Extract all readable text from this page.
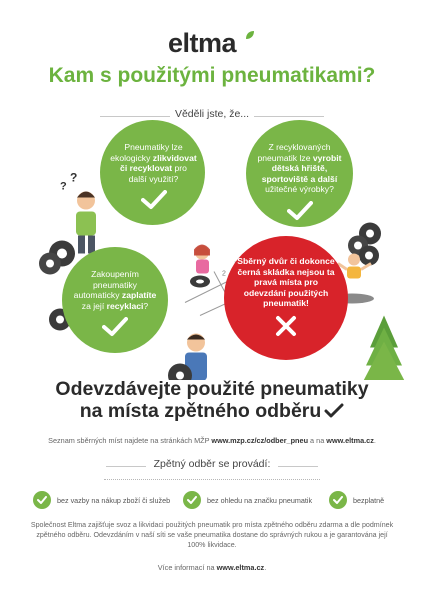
eltma
Kam s použitými pneumatikami?
Věděli jste, že...
2
?
?
Pneumatiky lze ekologicky zlikvidovat či recyklovat pro další využití?
Z recyklovaných pneumatik lze vyrobit dětská hřiště, sportoviště a další užitečné výrobky?
Zakoupením pneumatiky automaticky zaplatíte za její recyklaci?
Sběrný dvůr či dokonce černá skládka nejsou ta pravá místa pro odevzdání použitých pneumatik!
Odevzdávejte použité pneumatiky
na místa zpětného odběru
Seznam sběrných míst najdete na stránkách MŽP www.mzp.cz/cz/odber_pneu a na www.eltma.cz.
Zpětný odběr se provádí:
bez vazby na nákup zboží či služeb	bez ohledu na značku pneumatik	bezplatně
Společnost Eltma zajišťuje svoz a likvidaci použitých pneumatik pro místa zpětného odběru zdarma a dle podmínek zpětného odběru. Odevzdáním v naší síti se vaše pneumatika dostane do správných rukou a je garantována její 100% likvidace.
Více informací na www.eltma.cz.
